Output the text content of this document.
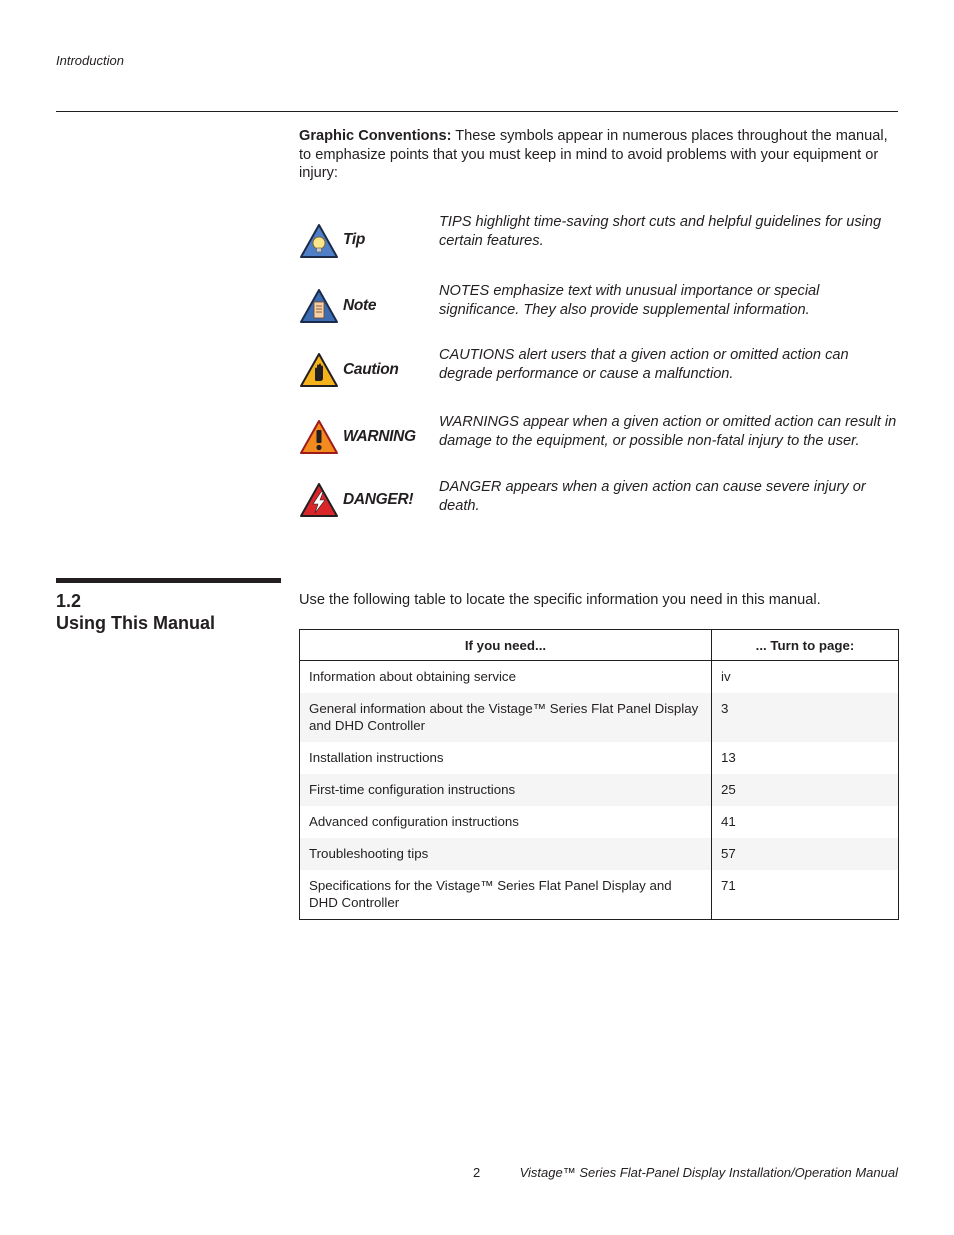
Introduction
Graphic Conventions: These symbols appear in numerous places throughout the manual, to emphasize points that you must keep in mind to avoid problems with your equipment or injury:
Tip
TIPS highlight time-saving short cuts and helpful guidelines for using certain features.
Note
NOTES emphasize text with unusual importance or special significance. They also provide supplemental information.
Caution
CAUTIONS alert users that a given action or omitted action can degrade performance or cause a malfunction.
WARNING
WARNINGS appear when a given action or omitted action can result in damage to the equipment, or possible non-fatal injury to the user.
DANGER!
DANGER appears when a given action can cause severe injury or death.
1.2
Using This Manual
Use the following table to locate the specific information you need in this manual.
If you need...	... Turn to page:
Information about obtaining service	iv
General information about the Vistage™ Series Flat Panel Display and DHD Controller	3
Installation instructions	13
First-time configuration instructions	25
Advanced configuration instructions	41
Troubleshooting tips	57
Specifications for the Vistage™ Series Flat Panel Display and DHD Controller	71
2	Vistage™ Series Flat-Panel Display Installation/Operation Manual
